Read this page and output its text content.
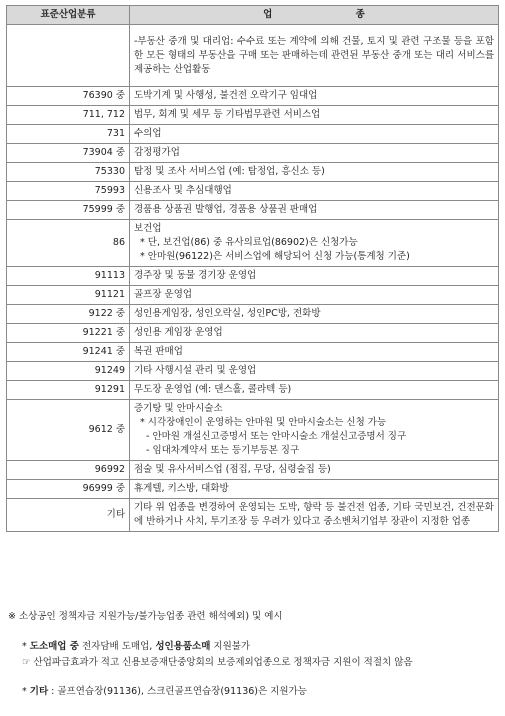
표준산업분류	업 종

	-부동산 중개 및 대리업: 수수료 또는 계약에 의해 건물, 토지 및 관련 구조물 등을 포함한 모든 형태의 부동산을 구매 또는 판매하는데 관련된 부동산 중개 또는 대리 서비스를 제공하는 산업활동

76390 중	도박기계 및 사행성, 불건전 오락기구 임대업

711, 712	법무, 회계 및 세무 등 기타법무관련 서비스업

731	수의업

73904 중	감정평가업

75330	탐정 및 조사 서비스업 (예: 탐정업, 흥신소 등)

75993	신용조사 및 추심대행업

75999 중	경품용 상품권 발행업, 경품용 상품권 판매업

86	보건업
* 단, 보건업(86) 중 유사의료업(86902)은 신청가능
* 안마원(96122)은 서비스업에 해당되어 신청 가능(통계청 기준)

91113	경주장 및 동물 경기장 운영업

91121	골프장 운영업

9122 중	성인용게임장, 성인오락실, 성인PC방, 전화방

91221 중	성인용 게임장 운영업

91241 중	복권 판매업

91249	기타 사행시설 관리 및 운영업

91291	무도장 운영업 (예: 댄스홀, 콜라텍 등)

9612 중	증기탕 및 안마시술소
* 시각장애인이 운영하는 안마원 및 안마시술소는 신청 가능
- 안마원 개설신고증명서 또는 안마시술소 개설신고증명서 징구
- 임대차계약서 또는 등기부등본 징구

96992	점술 및 유사서비스업 (점집, 무당, 심령술집 등)

96999 중	휴게텔, 키스방, 대화방

기타	기타 위 업종을 변경하여 운영되는 도박, 향락 등 불건전 업종, 기타 국민보건, 건전문화에 반하거나 사치, 투기조장 등 우려가 있다고 중소벤처기업부 장관이 지정한 업종
※ 소상공인 정책자금 지원가능/불가능업종 관련 해석예외) 및 예시
* 도소매업 중 전자담배 도매업, 성인용품소매 지원불가
☞ 산업파급효과가 적고 신용보증재단중앙회의 보증제외업종으로 정책자금 지원이 적절치 않음
* 기타 : 골프연습장(91136), 스크린골프연습장(91136)은 지원가능
